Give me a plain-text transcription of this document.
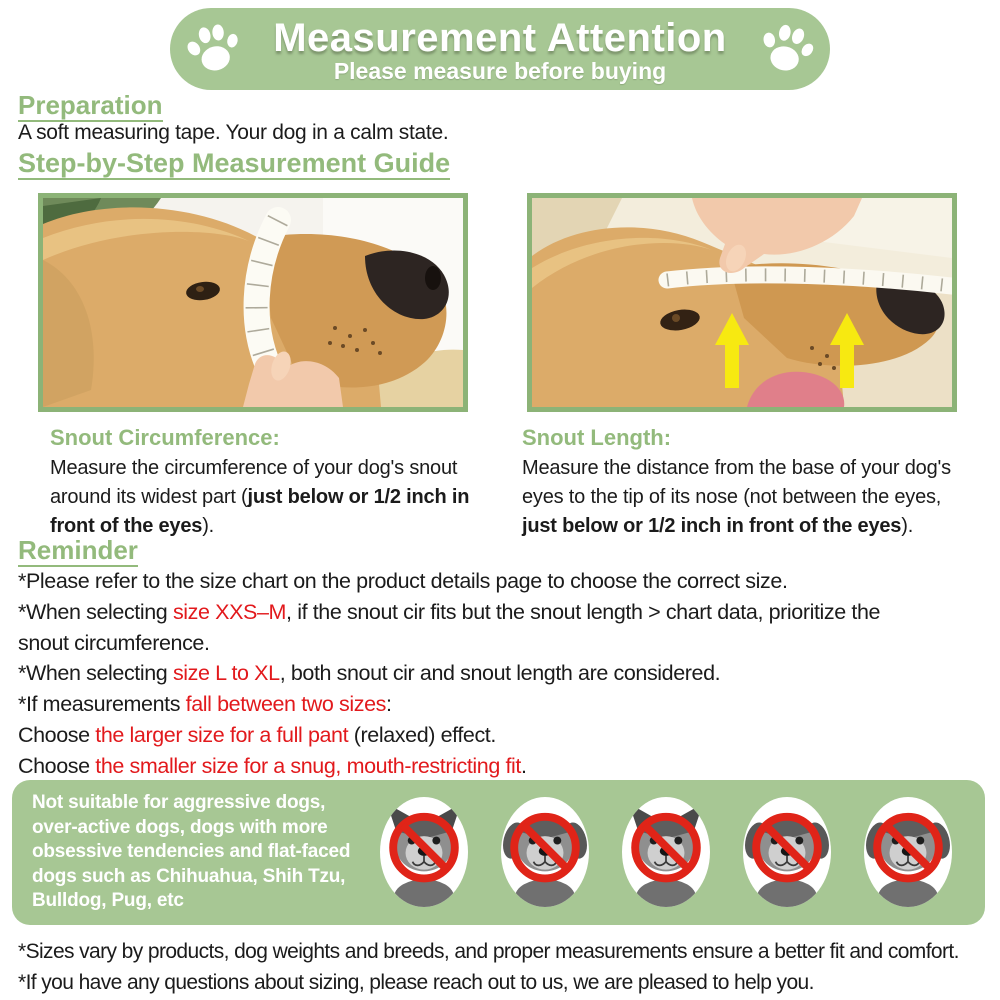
Measurement Attention
Please measure before buying
Preparation
A soft measuring tape. Your dog in a calm state.
Step-by-Step Measurement Guide
Snout Circumference:
Measure the circumference of your dog's snout
around its widest part (just below or 1/2 inch in
front of the eyes).
Snout Length:
Measure the distance from the base of your dog's
eyes to the tip of its nose (not between the eyes,
just below or 1/2 inch in front of the eyes).
Reminder
*Please refer to the size chart on the product details page to choose the correct size.
*When selecting size XXS–M, if the snout cir fits but the snout length > chart data, prioritize the
snout circumference.
*When selecting size L to XL, both snout cir and snout length are considered.
*If measurements fall between two sizes:
Choose the larger size for a full pant (relaxed) effect.
Choose the smaller size for a snug, mouth-restricting fit.
Not suitable for aggressive dogs,
over-active dogs, dogs with more
obsessive tendencies and flat-faced
dogs such as Chihuahua, Shih Tzu,
Bulldog, Pug, etc
*Sizes vary by products, dog weights and breeds, and proper measurements ensure a better fit and comfort.
*If you have any questions about sizing, please reach out to us, we are pleased to help you.
